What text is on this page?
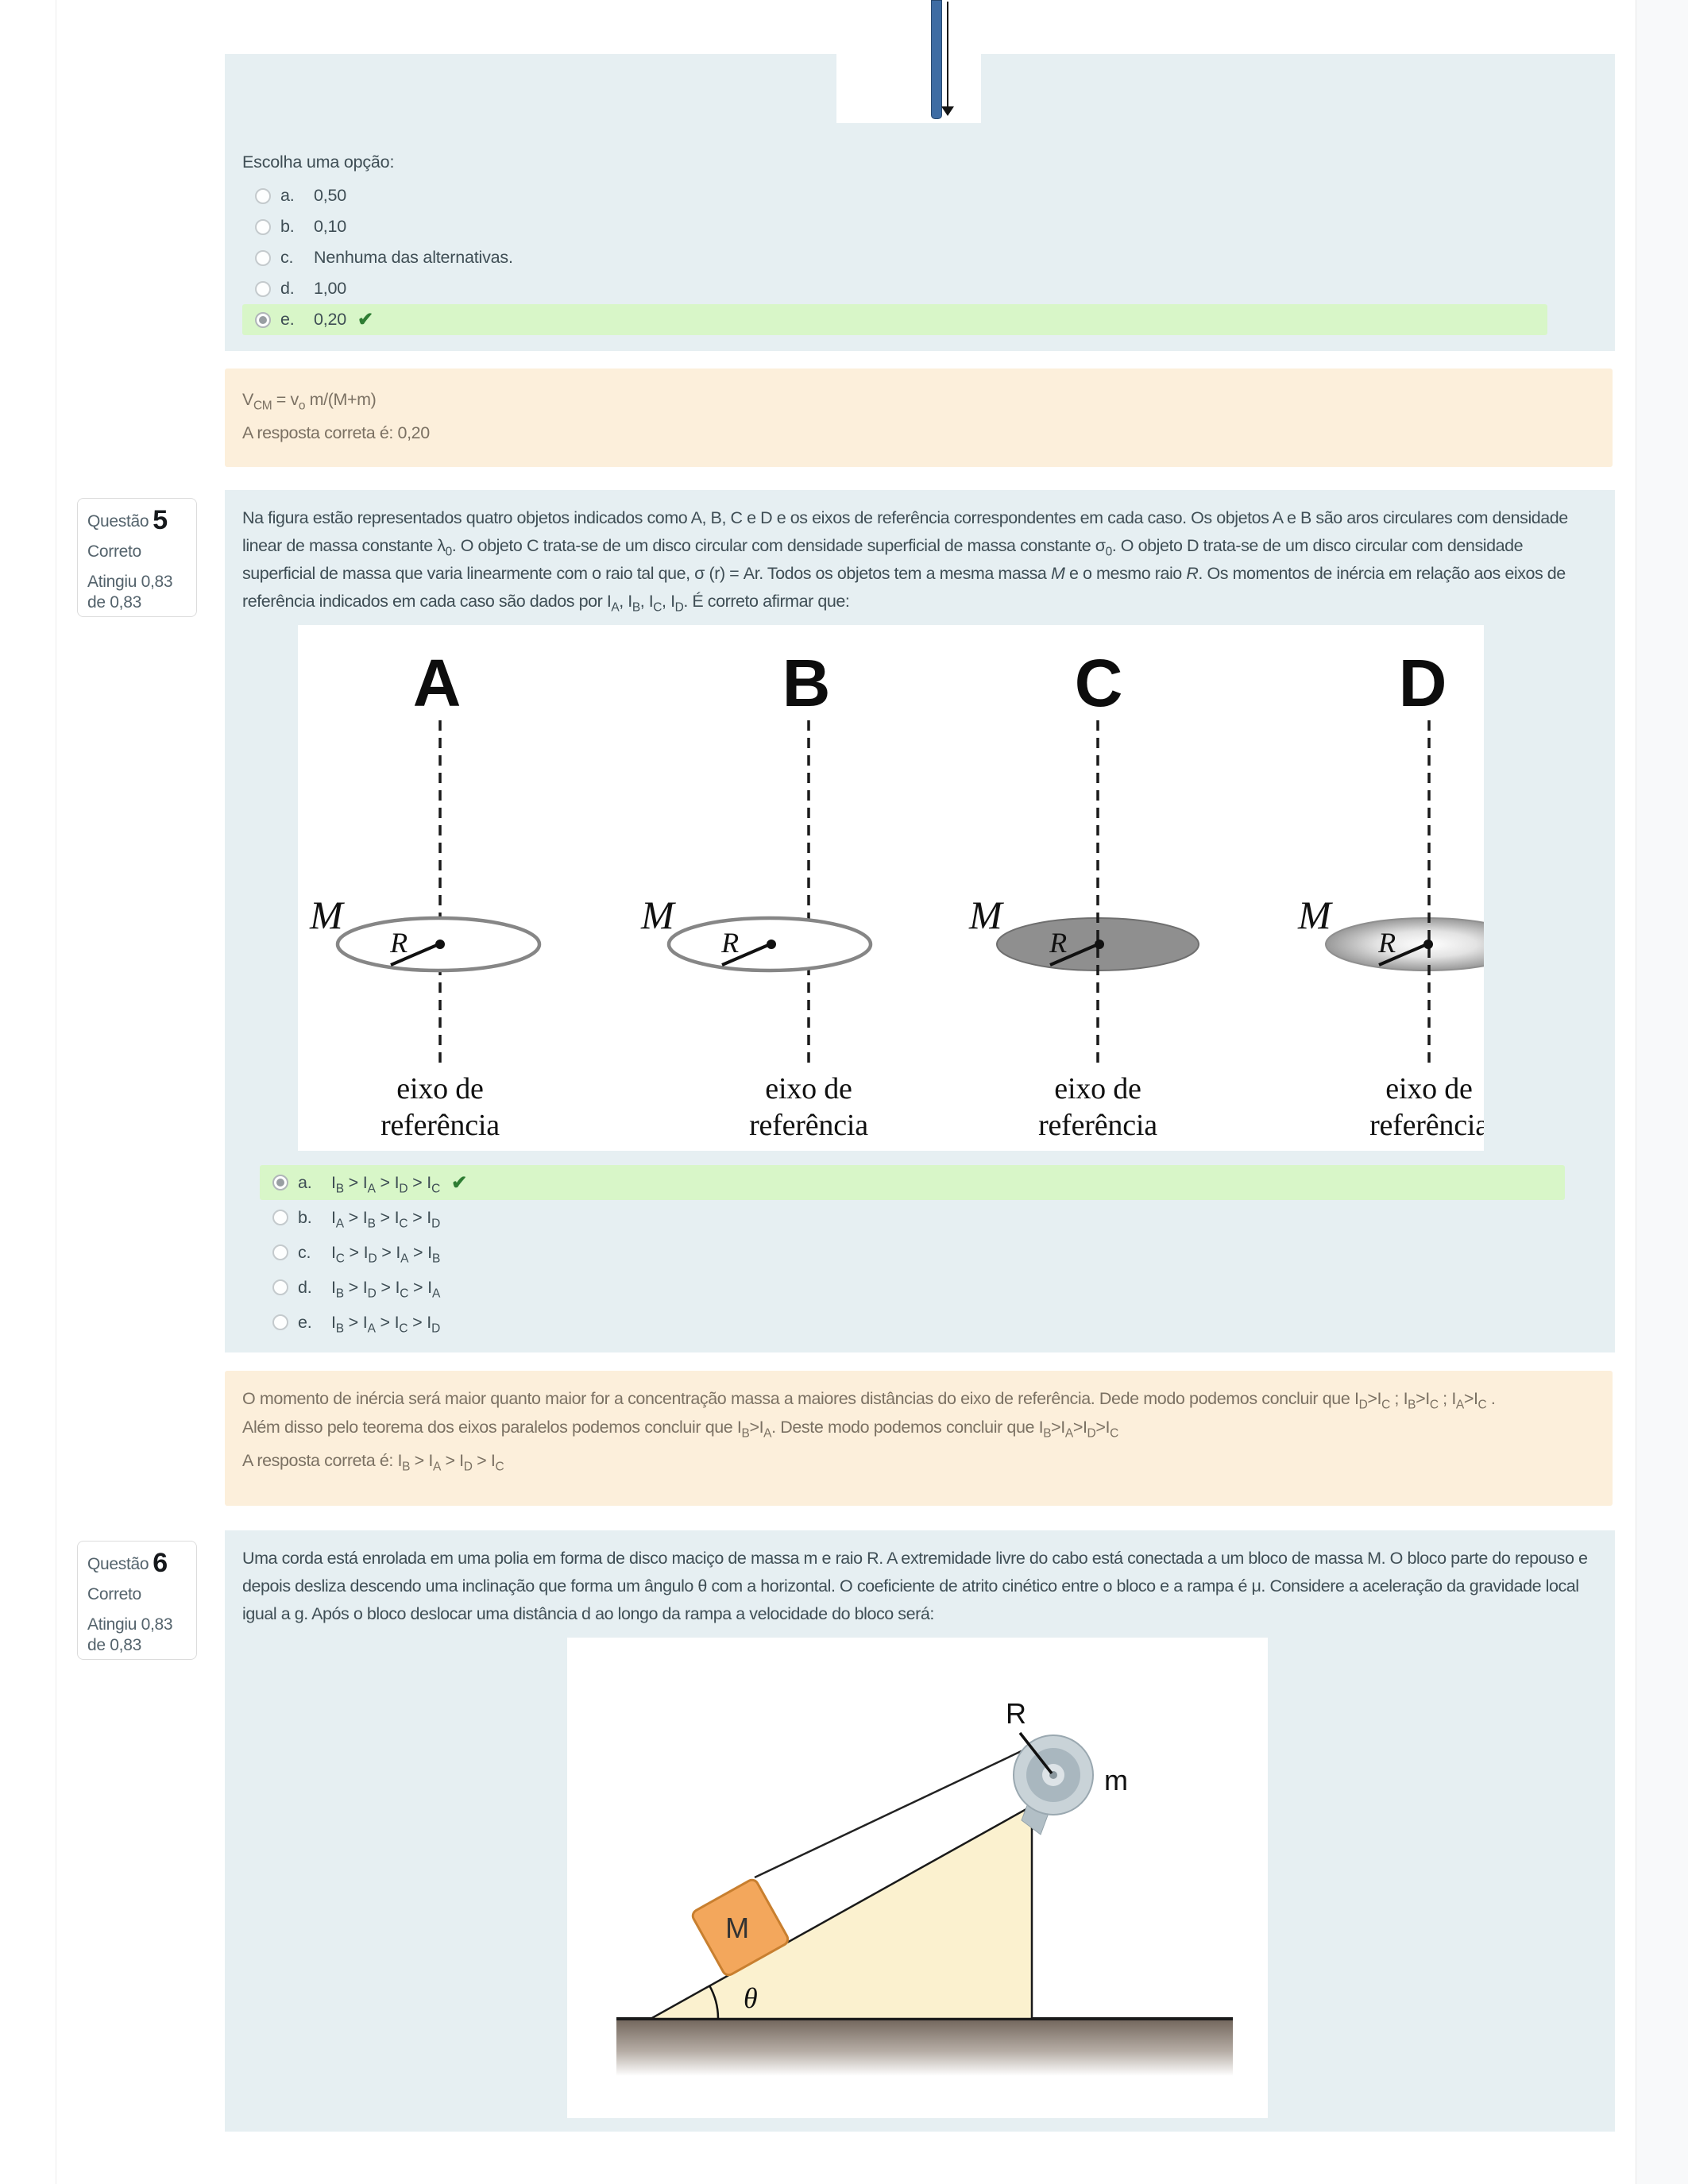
Escolha uma opção:

a.	0,50
b.	0,10
c.	Nenhuma das alternativas.
d.	1,00
e.	0,20 ✔

$V_{CM} = v_o$ m/(M+m)

A resposta correta é: 0,20

Questão 5
Correto
Atingiu 0,83 de 0,83

Na figura estão representados quatro objetos indicados como A, B, C e D e os eixos de referência correspondentes em cada caso. Os objetos A e B são aros circulares com densidade linear de massa constante $\lambda_0$. O objeto C trata-se de um disco circular com densidade superficial de massa constante $\sigma_0$. O objeto D trata-se de um disco circular com densidade superficial de massa que varia linearmente com o raio tal que, σ (r) = Ar. Todos os objetos tem a mesma massa M e o mesmo raio R. Os momentos de inércia em relação aos eixos de referência indicados em cada caso são dados por $I_A$, $I_B$, $I_C$, $I_D$. É correto afirmar que:

A
M
R
eixo de
referência
B
M
R
eixo de
referência
C
M
R
eixo de
referência
D
M
R
eixo de
referência
a.	$I_B > I_A > I_D > I_C$ ✔
b.	$I_A > I_B > I_C > I_D$
c.	$I_C > I_D > I_A > I_B$
d.	$I_B > I_D > I_C > I_A$
e.	$I_B > I_A > I_C > I_D$

O momento de inércia será maior quanto maior for a concentração massa a maiores distâncias do eixo de referência. Dede modo podemos concluir que $I_D>I_C$ ; $I_B>I_C$ ; $I_A>I_C$ .

Além disso pelo teorema dos eixos paralelos podemos concluir que $I_B>I_A$. Deste modo podemos concluir que $I_B>I_A>I_D>I_C$

A resposta correta é: $I_B > I_A > I_D > I_C$

Questão 6
Correto
Atingiu 0,83 de 0,83

Uma corda está enrolada em uma polia em forma de disco maciço de massa m e raio R. A extremidade livre do cabo está conectada a um bloco de massa M. O bloco parte do repouso e depois desliza descendo uma inclinação que forma um ângulo θ com a horizontal. O coeficiente de atrito cinético entre o bloco e a rampa é μ. Considere a aceleração da gravidade local igual a g. Após o bloco deslocar uma distância d ao longo da rampa a velocidade do bloco será:

θ
R
m
M
